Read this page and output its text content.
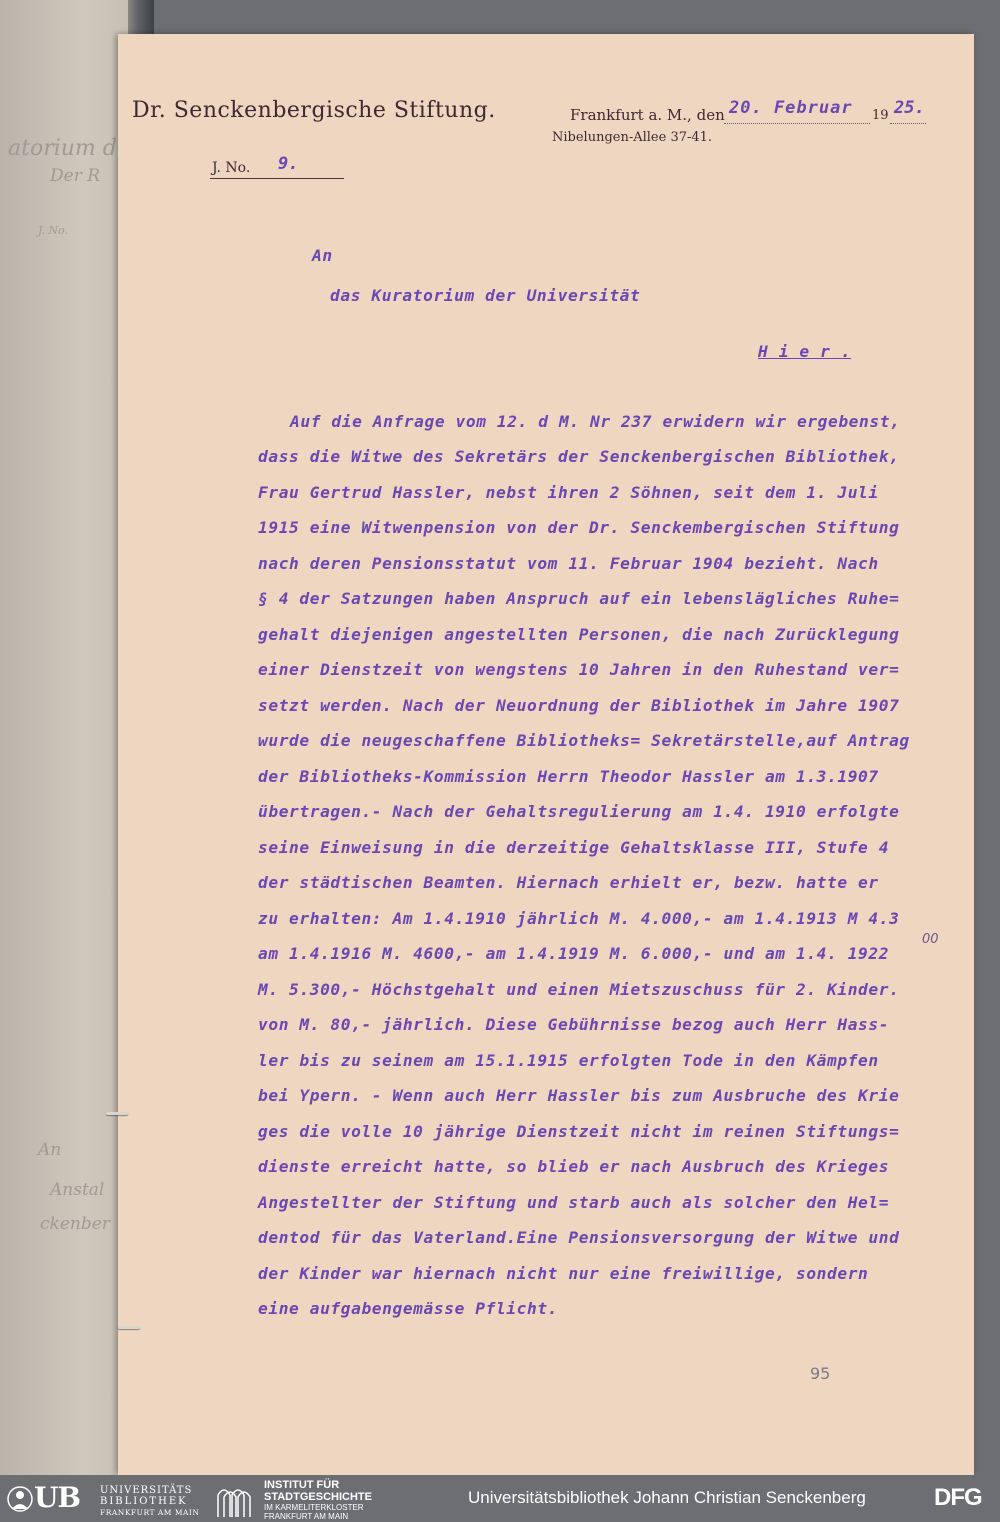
atorium d
Der R
J. No.
An
Anstal
ckenber
Dr. Senckenbergische Stiftung.	Frankfurt a. M., den 20. Februar 19 25.
Nibelungen-Allee 37-41.
J. No. 9.
An
das Kuratorium der Universität
H i e r .
Auf die Anfrage vom 12. d M. Nr 237 erwidern wir ergebenst,
dass die Witwe des Sekretärs der Senckenbergischen Bibliothek,
Frau Gertrud Hassler, nebst ihren 2 Söhnen, seit dem 1. Juli
1915 eine Witwenpension von der Dr. Senckembergischen Stiftung
nach deren Pensionsstatut vom 11. Februar 1904 bezieht. Nach
§ 4 der Satzungen haben Anspruch auf ein lebenslägliches Ruhe=
gehalt diejenigen angestellten Personen, die nach Zurücklegung
einer Dienstzeit von wengstens 10 Jahren in den Ruhestand ver=
setzt werden. Nach der Neuordnung der Bibliothek im Jahre 1907
wurde die neugeschaffene Bibliotheks= Sekretärstelle,auf Antrag
der Bibliotheks-Kommission Herrn Theodor Hassler am 1.3.1907
übertragen.- Nach der Gehaltsregulierung am 1.4. 1910 erfolgte
seine Einweisung in die derzeitige Gehaltsklasse III, Stufe 4
der städtischen Beamten. Hiernach erhielt er, bezw. hatte er
zu erhalten: Am 1.4.1910 jährlich M. 4.000,- am 1.4.1913 M 4.3
am 1.4.1916 M. 4600,- am 1.4.1919 M. 6.000,- und am 1.4. 1922
M. 5.300,- Höchstgehalt und einen Mietszuschuss für 2. Kinder.
von M. 80,- jährlich. Diese Gebührnisse bezog auch Herr Hass-
ler bis zu seinem am 15.1.1915 erfolgten Tode in den Kämpfen
bei Ypern. - Wenn auch Herr Hassler bis zum Ausbruche des Krie
ges die volle 10 jährige Dienstzeit nicht im reinen Stiftungs=
dienste erreicht hatte, so blieb er nach Ausbruch des Krieges
Angestellter der Stiftung und starb auch als solcher den Hel=
dentod für das Vaterland.Eine Pensionsversorgung der Witwe und
der Kinder war hiernach nicht nur eine freiwillige, sondern
eine aufgabengemässe Pflicht.
00
95
UB UNIVERSITÄTS
BIBLIOTHEK
FRANKFURT AM MAIN
INSTITUT FÜR
STADTGESCHICHTE
IM KARMELITERKLOSTER
FRANKFURT AM MAIN
Universitätsbibliothek Johann Christian Senckenberg	DFG
